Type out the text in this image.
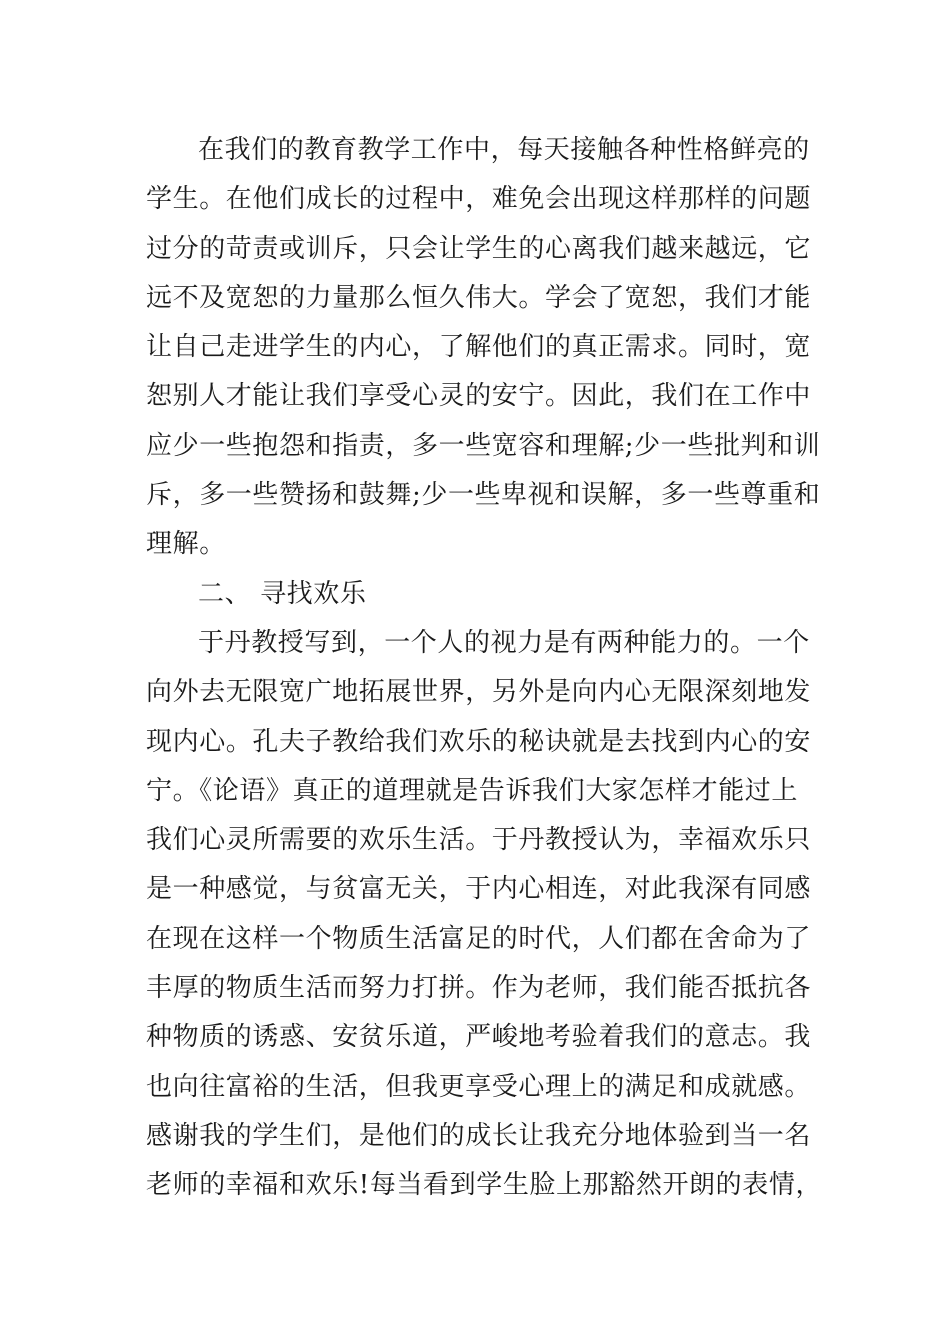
在我们的教育教学工作中，每天接触各种性格鲜亮的
学生。在他们成长的过程中，难免会出现这样那样的问题
过分的苛责或训斥，只会让学生的心离我们越来越远，它
远不及宽恕的力量那么恒久伟大。学会了宽恕，我们才能
让自己走进学生的内心，了解他们的真正需求。同时，宽
恕别人才能让我们享受心灵的安宁。因此，我们在工作中
应少一些抱怨和指责，多一些宽容和理解;少一些批判和训
斥，多一些赞扬和鼓舞;少一些卑视和误解，多一些尊重和
理解。
二、 寻找欢乐
于丹教授写到，一个人的视力是有两种能力的。一个
向外去无限宽广地拓展世界，另外是向内心无限深刻地发
现内心。孔夫子教给我们欢乐的秘诀就是去找到内心的安
宁。《论语》真正的道理就是告诉我们大家怎样才能过上
我们心灵所需要的欢乐生活。于丹教授认为，幸福欢乐只
是一种感觉，与贫富无关，于内心相连，对此我深有同感
在现在这样一个物质生活富足的时代，人们都在舍命为了
丰厚的物质生活而努力打拼。作为老师，我们能否抵抗各
种物质的诱惑、安贫乐道，严峻地考验着我们的意志。我
也向往富裕的生活，但我更享受心理上的满足和成就感。
感谢我的学生们，是他们的成长让我充分地体验到当一名
老师的幸福和欢乐!每当看到学生脸上那豁然开朗的表情，
